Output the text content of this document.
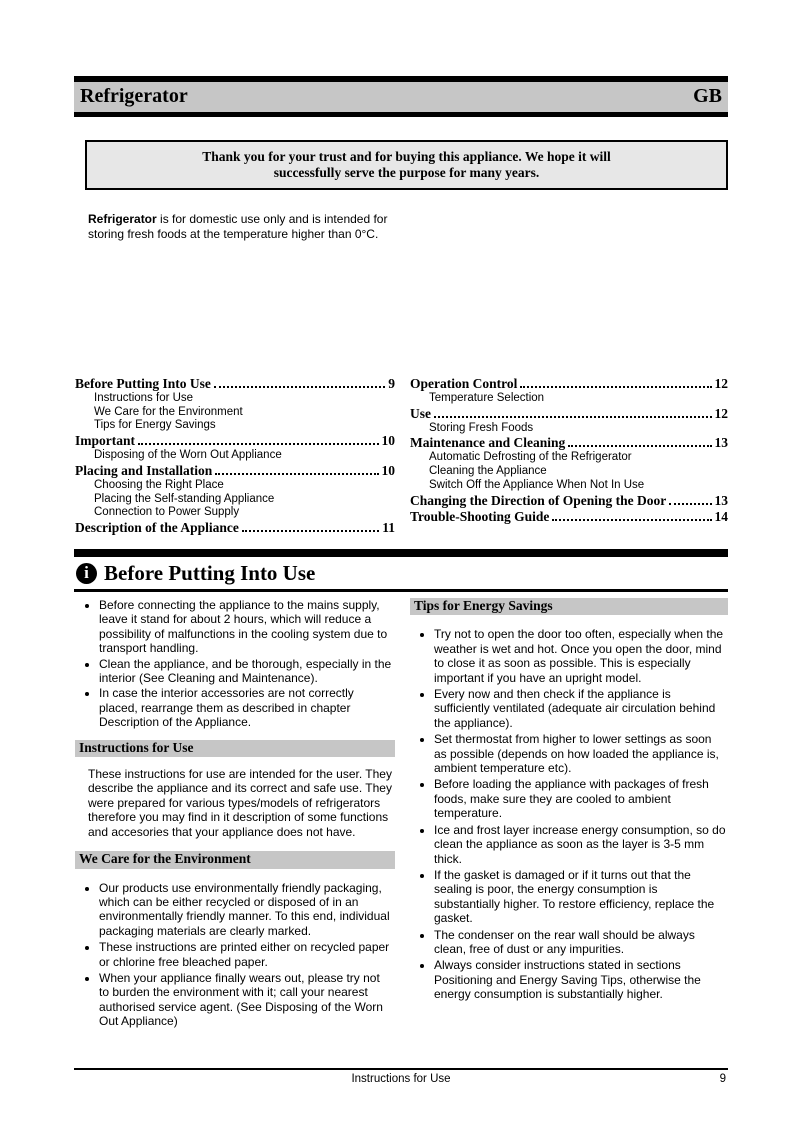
Refrigerator	GB
Thank you for your trust and for buying this appliance. We hope it will
successfully serve the purpose for many years.

Refrigerator is for domestic use only and is intended for storing fresh foods at the temperature higher than 0°C.

Before Putting Into Use	9
Instructions for Use
We Care for the Environment
Tips for Energy Savings
Important	10
Disposing of the Worn Out Appliance
Placing and Installation	10
Choosing the Right Place
Placing the Self-standing Appliance
Connection to Power Supply
Description of the Appliance	11
Operation Control	12
Temperature Selection
Use	12
Storing Fresh Foods
Maintenance and Cleaning	13
Automatic Defrosting of the Refrigerator
Cleaning the Appliance
Switch Off the Appliance When Not In Use
Changing the Direction of Opening the Door	13
Trouble-Shooting Guide	14
i Before Putting Into Use
• Before connecting the appliance to the mains supply, leave it stand for about 2 hours, which will reduce a possibility of malfunctions in the cooling system due to transport handling.
• Clean the appliance, and be thorough, especially in the interior (See Cleaning and Maintenance).
• In case the interior accessories are not correctly placed, rearrange them as described in chapter Description of the Appliance.
Instructions for Use

These instructions for use are intended for the user. They describe the appliance and its correct and safe use. They were prepared for various types/models of refrigerators therefore you may find in it description of some functions and accesories that your appliance does not have.

We Care for the Environment
• Our products use environmentally friendly packaging, which can be either recycled or disposed of in an environmentally friendly manner. To this end, individual packaging materials are clearly marked.
• These instructions are printed either on recycled paper or chlorine free bleached paper.
• When your appliance finally wears out, please try not to burden the environment with it; call your nearest authorised service agent. (See Disposing of the Worn Out Appliance)
Tips for Energy Savings
• Try not to open the door too often, especially when the weather is wet and hot. Once you open the door, mind to close it as soon as possible. This is especially important if you have an upright model.
• Every now and then check if the appliance is sufficiently ventilated (adequate air circulation behind the appliance).
• Set thermostat from higher to lower settings as soon as possible (depends on how loaded the appliance is, ambient temperature etc).
• Before loading the appliance with packages of fresh foods, make sure they are cooled to ambient temperature.
• Ice and frost layer increase energy consumption, so do clean the appliance as soon as the layer is 3-5 mm thick.
• If the gasket is damaged or if it turns out that the sealing is poor, the energy consumption is substantially higher. To restore efficiency, replace the gasket.
• The condenser on the rear wall should be always clean, free of dust or any impurities.
• Always consider instructions stated in sections Positioning and Energy Saving Tips, otherwise the energy consumption is substantially higher.
Instructions for Use	9
